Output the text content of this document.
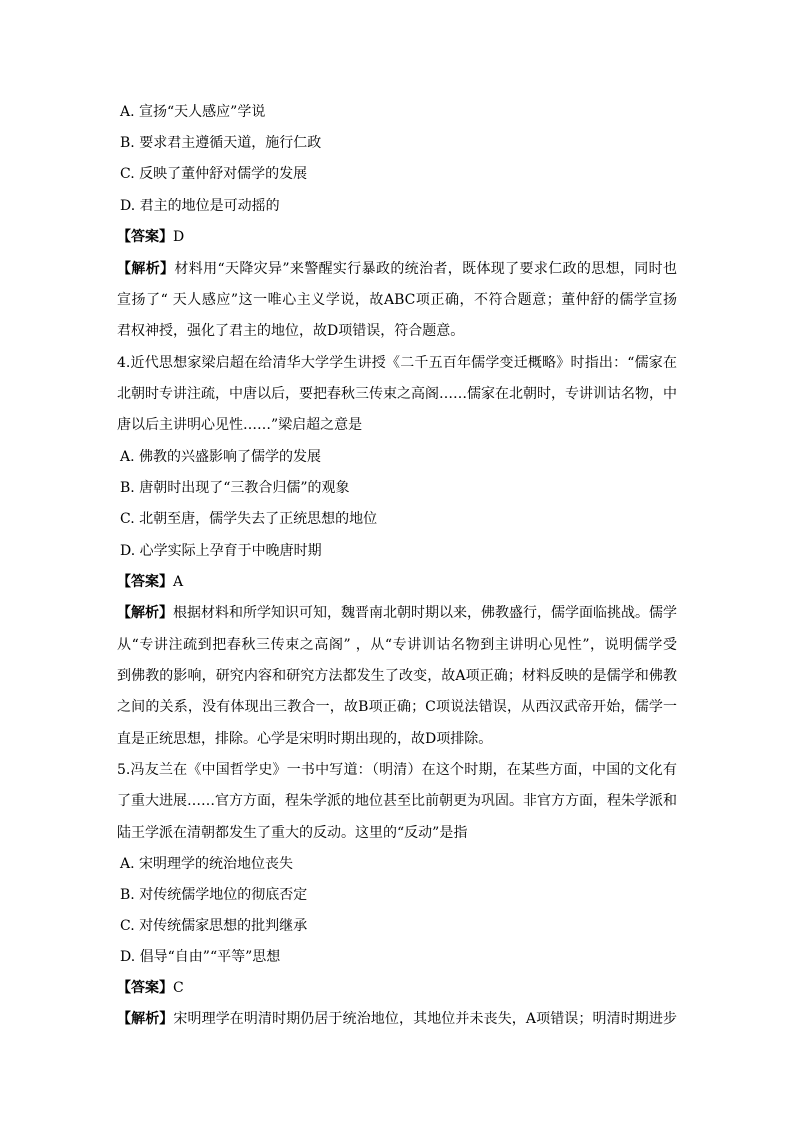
A. 宣扬“天人感应”学说
B. 要求君主遵循天道，施行仁政
C. 反映了董仲舒对儒学的发展
D. 君主的地位是可动摇的
【答案】D
【解析】材料用“天降灾异”来警醒实行暴政的统治者，既体现了要求仁政的思想，同时也
宣扬了“ 天人感应”这一唯心主义学说，故ABC项正确，不符合题意；董仲舒的儒学宣扬
君权神授，强化了君主的地位，故D项错误，符合题意。
4.近代思想家梁启超在给清华大学学生讲授《二千五百年儒学变迁概略》时指出：“儒家在
北朝时专讲注疏，中唐以后，要把春秋三传束之高阁……儒家在北朝时，专讲训诂名物，中
唐以后主讲明心见性……”梁启超之意是
A. 佛教的兴盛影响了儒学的发展
B. 唐朝时出现了“三教合归儒”的观象
C. 北朝至唐，儒学失去了正统思想的地位
D. 心学实际上孕育于中晚唐时期
【答案】A
【解析】根据材料和所学知识可知，魏晋南北朝时期以来，佛教盛行，儒学面临挑战。儒学
从“专讲注疏到把春秋三传束之高阁” ，从“专讲训诂名物到主讲明心见性”，说明儒学受
到佛教的影响，研究内容和研究方法都发生了改变，故A项正确；材料反映的是儒学和佛教
之间的关系，没有体现出三教合一，故B项正确；C项说法错误，从西汉武帝开始，儒学一
直是正统思想，排除。心学是宋明时期出现的，故D项排除。
5.冯友兰在《中国哲学史》一书中写道：（明清）在这个时期，在某些方面，中国的文化有
了重大进展……官方方面，程朱学派的地位甚至比前朝更为巩固。非官方方面，程朱学派和
陆王学派在清朝都发生了重大的反动。这里的“反动”是指
A. 宋明理学的统治地位丧失
B. 对传统儒学地位的彻底否定
C. 对传统儒家思想的批判继承
D. 倡导“自由”“平等”思想
【答案】C
【解析】宋明理学在明清时期仍居于统治地位，其地位并未丧失，A项错误；明清时期进步
